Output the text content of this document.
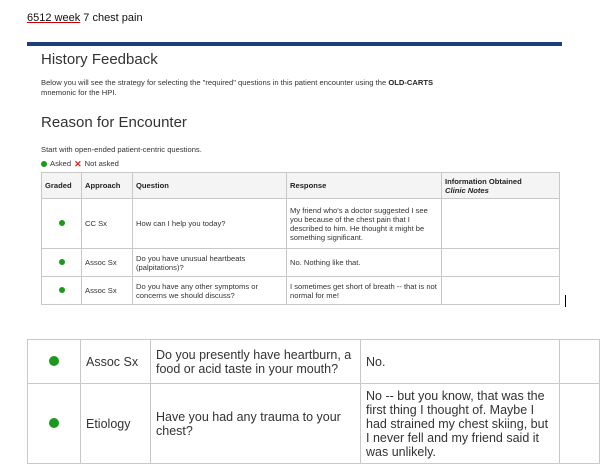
6512 week 7 chest pain
History Feedback
Below you will see the strategy for selecting the "required" questions in this patient encounter using the OLD-CARTS
mnemonic for the HPI.
Reason for Encounter
Start with open-ended patient-centric questions.
Asked ✕ Not asked
Graded	Approach	Question	Response	Information Obtained
Clinic Notes
	CC Sx	How can I help you today?	My friend who's a doctor suggested I see you because of the chest pain that I described to him. He thought it might be something significant.	
	Assoc Sx	Do you have unusual heartbeats (palpitations)?	No. Nothing like that.	
	Assoc Sx	Do you have any other symptoms or concerns we should discuss?	I sometimes get short of breath -- that is not normal for me!	
	Assoc Sx	Do you presently have heartburn, a food or acid taste in your mouth?	No.	
	Etiology	Have you had any trauma to your chest?	No -- but you know, that was the first thing I thought of. Maybe I had strained my chest skiing, but I never fell and my friend said it was unlikely.	
